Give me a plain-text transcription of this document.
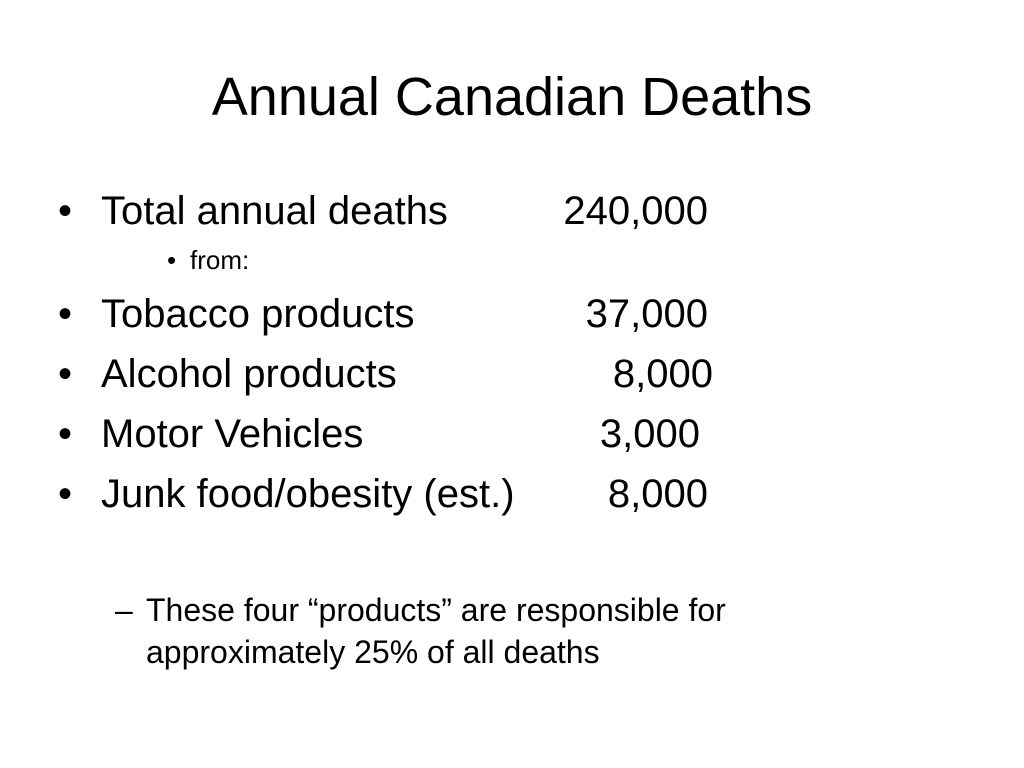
Annual Canadian Deaths
• Total annual deaths	240,000
• from:
• Tobacco products	37,000
• Alcohol products	8,000
• Motor Vehicles	3,000
• Junk food/obesity (est.) 8,000
– These four “products” are responsible for approximately 25% of all deaths
